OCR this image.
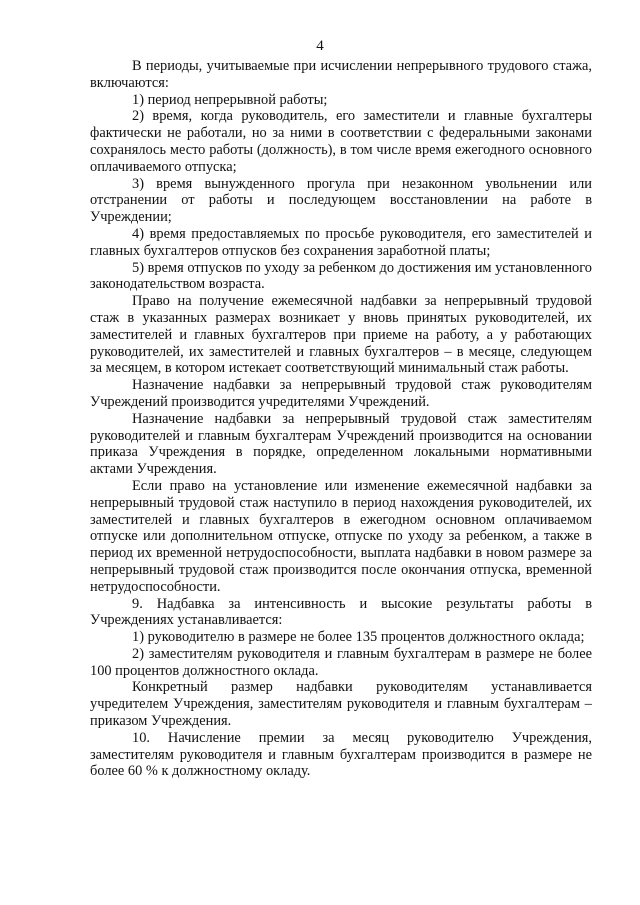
4

В периоды, учитываемые при исчислении непрерывного трудового стажа, включаются:

1) период непрерывной работы;

2) время, когда руководитель, его заместители и главные бухгалтеры фактически не работали, но за ними в соответствии с федеральными законами сохранялось место работы (должность), в том числе время ежегодного основного оплачиваемого отпуска;

3) время вынужденного прогула при незаконном увольнении или отстранении от работы и последующем восстановлении на работе в Учреждении;

4) время предоставляемых по просьбе руководителя, его заместителей и главных бухгалтеров отпусков без сохранения заработной платы;

5) время отпусков по уходу за ребенком до достижения им установленного законодательством возраста.

Право на получение ежемесячной надбавки за непрерывный трудовой стаж в указанных размерах возникает у вновь принятых руководителей, их заместителей и главных бухгалтеров при приеме на работу, а у работающих руководителей, их заместителей и главных бухгалтеров – в месяце, следующем за месяцем, в котором истекает соответствующий минимальный стаж работы.

Назначение надбавки за непрерывный трудовой стаж руководителям Учреждений производится учредителями Учреждений.

Назначение надбавки за непрерывный трудовой стаж заместителям руководителей и главным бухгалтерам Учреждений производится на основании приказа Учреждения в порядке, определенном локальными нормативными актами Учреждения.

Если право на установление или изменение ежемесячной надбавки за непрерывный трудовой стаж наступило в период нахождения руководителей, их заместителей и главных бухгалтеров в ежегодном основном оплачиваемом отпуске или дополнительном отпуске, отпуске по уходу за ребенком, а также в период их временной нетрудоспособности, выплата надбавки в новом размере за непрерывный трудовой стаж производится после окончания отпуска, временной нетрудоспособности.

9. Надбавка за интенсивность и высокие результаты работы в Учреждениях устанавливается:

1) руководителю в размере не более 135 процентов должностного оклада;

2) заместителям руководителя и главным бухгалтерам в размере не более 100 процентов должностного оклада.

Конкретный размер надбавки руководителям устанавливается учредителем Учреждения, заместителям руководителя и главным бухгалтерам – приказом Учреждения.

10. Начисление премии за месяц руководителю Учреждения, заместителям руководителя и главным бухгалтерам производится в размере не более 60 % к должностному окладу.
